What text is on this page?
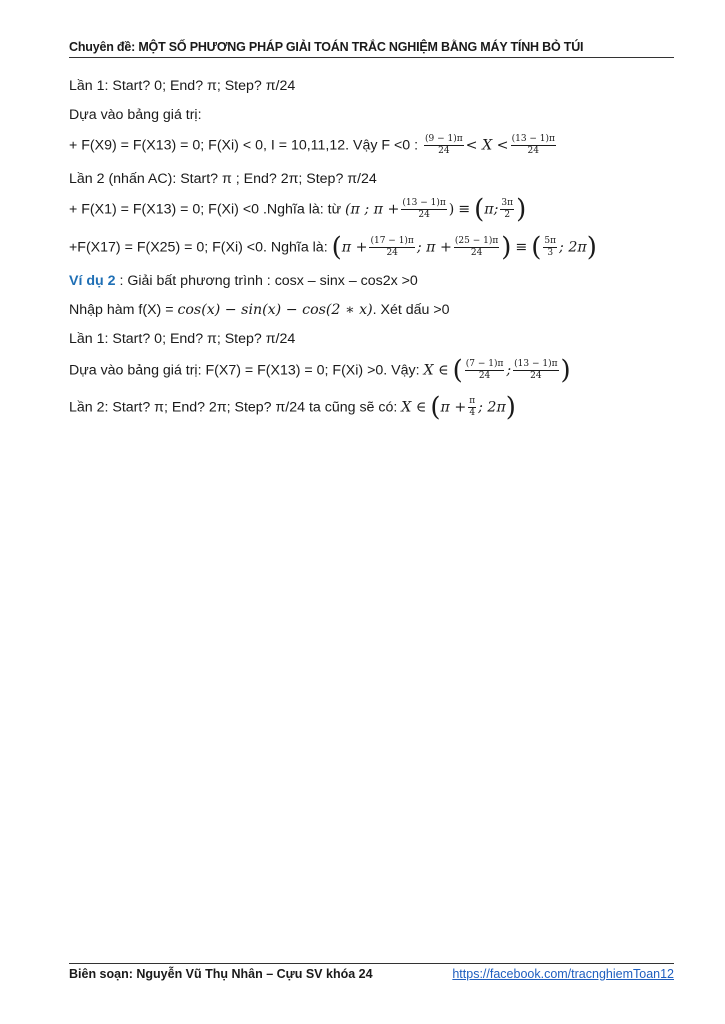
Chuyên đề: MỘT SỐ PHƯƠNG PHÁP GIẢI TOÁN TRẮC NGHIỆM BẰNG MÁY TÍNH BỎ TÚI
Lần 1: Start? 0; End? π; Step? π/24
Dựa vào bảng giá trị:
+ F(X9) = F(X13) = 0; F(Xi) < 0, I = 10,11,12. Vậy F <0 : $\frac{(9 - 1)\pi}{24} < X < \frac{(13 - 1)\pi}{24}$
Lần 2 (nhấn AC): Start? π ; End? 2π; Step? π/24
+ F(X1) = F(X13) = 0; F(Xi) <0 .Nghĩa là: từ (π ; $\pi + \frac{(13 - 1)\pi}{24}$ ) ≡ (π; $\frac{3\pi}{2}$ )
+F(X17) = F(X25) = 0; F(Xi) <0. Nghĩa là: ($\pi + \frac{(17 - 1)\pi}{24}$ ; $\pi + \frac{(25 - 1)\pi}{24}$ ) ≡ ( $\frac{5\pi}{3}$ ; 2π)
Ví dụ 2 : Giải bất phương trình : cosx – sinx – cos2x >0
Nhập hàm f(X) = cos(x) − sin(x) − cos(2 ∗ x). Xét dấu >0
Lần 1: Start? 0; End? π; Step? π/24
Dựa vào bảng giá trị: F(X7) = F(X13) = 0; F(Xi) >0. Vậy: X ∈ ( $\frac{(7 - 1)\pi}{24}$ ; $\frac{(13 - 1)\pi}{24}$ )
Lần 2: Start? π; End? 2π; Step? π/24 ta cũng sẽ có: X ∈ ($\pi + \frac{\pi}{4}$ ; 2π)
Biên soạn: Nguyễn Vũ Thụ Nhân – Cựu SV khóa 24	https://facebook.com/tracnghiemToan12
